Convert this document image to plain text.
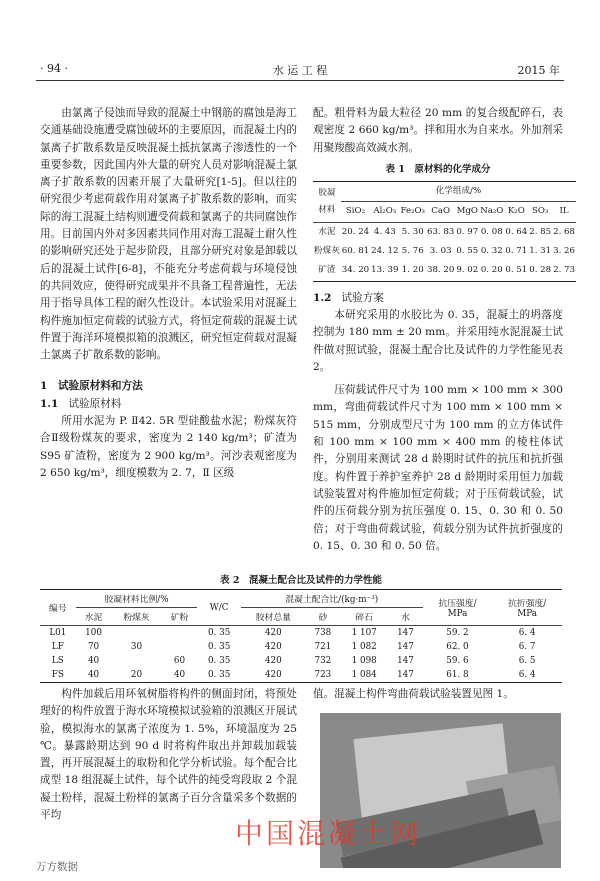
· 94 ·	水 运 工 程	2015 年

由氯离子侵蚀而导致的混凝土中钢筋的腐蚀是海工交通基础设施遭受腐蚀破坏的主要原因，而混凝土内的氯离子扩散系数是反映混凝土抵抗氯离子渗透性的一个重要参数，因此国内外大量的研究人员对影响混凝土氯离子扩散系数的因素开展了大量研究[1-5]。但以往的研究很少考虑荷载作用对氯离子扩散系数的影响，而实际的海工混凝土结构则遭受荷载和氯离子的共同腐蚀作用。目前国内外对多因素共同作用对海工混凝土耐久性的影响研究还处于起步阶段，且部分研究对象是卸载以后的混凝土试件[6-8]，不能充分考虑荷载与环境侵蚀的共同效应，使得研究成果并不具备工程普遍性，无法用于指导具体工程的耐久性设计。本试验采用对混凝土构件施加恒定荷载的试验方式，将恒定荷载的混凝土试件置于海洋环境模拟箱的浪溅区，研究恒定荷载对混凝土氯离子扩散系数的影响。

1　试验原材料和方法
1.1 试验原材料

所用水泥为 P. Ⅱ42. 5R 型硅酸盐水泥；粉煤灰符合Ⅱ级粉煤灰的要求，密度为 2 140 kg/m³；矿渣为 S95 矿渣粉，密度为 2 900 kg/m³。河沙表观密度为 2 650 kg/m³，细度模数为 2. 7，Ⅱ 区级

配。粗骨料为最大粒径 20 mm 的复合级配碎石，表观密度 2 660 kg/m³。拌和用水为自来水。外加剂采用聚羧酸高效减水剂。

表 1　原材料的化学成分
胶凝
材料	化学组成/%								
	SiO₂	Al₂O₃	Fe₂O₃	CaO	MgO	Na₂O	K₂O	SO₃	IL
水泥	20. 24	4. 43	5. 30	63. 83	0. 97	0. 08	0. 64	2. 85	2. 68
粉煤灰	60. 81	24. 12	5. 76	3. 03	0. 55	0. 32	0. 71	1. 31	3. 26
矿渣	34. 20	13. 39	1. 20	38. 20	9. 02	0. 20	0. 51	0. 28	2. 73
1.2 试验方案

本研究采用的水胶比为 0. 35，混凝土的坍落度控制为 180 mm ± 20 mm。并采用纯水泥混凝土试件做对照试验，混凝土配合比及试件的力学性能见表 2。

压荷载试件尺寸为 100 mm × 100 mm × 300 mm，弯曲荷载试件尺寸为 100 mm × 100 mm × 515 mm，分别成型尺寸为 100 mm 的立方体试件和 100 mm × 100 mm × 400 mm 的棱柱体试件，分别用来测试 28 d 龄期时试件的抗压和抗折强度。构件置于养护室养护 28 d 龄期时采用恒力加载试验装置对构件施加恒定荷载；对于压荷载试验，试件的压荷载分别为抗压强度 0. 15、0. 30 和 0. 50 倍；对于弯曲荷载试验，荷载分别为试件抗折强度的 0. 15、0. 30 和 0. 50 倍。

表 2　混凝土配合比及试件的力学性能
编号	胶凝材料比例/%			W/C	混凝土配合比/(kg·m⁻³)				抗压强度/
MPa	抗折强度/
MPa
	水泥	粉煤灰	矿粉		胶材总量	砂	碎石	水		
L01	100			0. 35	420	738	1 107	147	59. 2	6. 4
LF	70	30		0. 35	420	721	1 082	147	62. 0	6. 7
LS	40		60	0. 35	420	732	1 098	147	59. 6	6. 5
FS	40	20	40	0. 35	420	723	1 084	147	61. 8	6. 4

构件加载后用环氧树脂将构件的侧面封闭，将预处理好的构件放置于海水环境模拟试验箱的浪溅区开展试验，模拟海水的氯离子浓度为 1. 5%，环境温度为 25 ℃。暴露龄期达到 90 d 时将构件取出并卸载加载装置，再开展混凝土的取粉和化学分析试验。每个配合比成型 18 组混凝土试件，每个试件的纯受弯段取 2 个混凝土粉样，混凝土粉样的氯离子百分含量采多个数据的平均

值。混凝土构件弯曲荷载试验装置见图 1。

中国混凝土网
万方数据
